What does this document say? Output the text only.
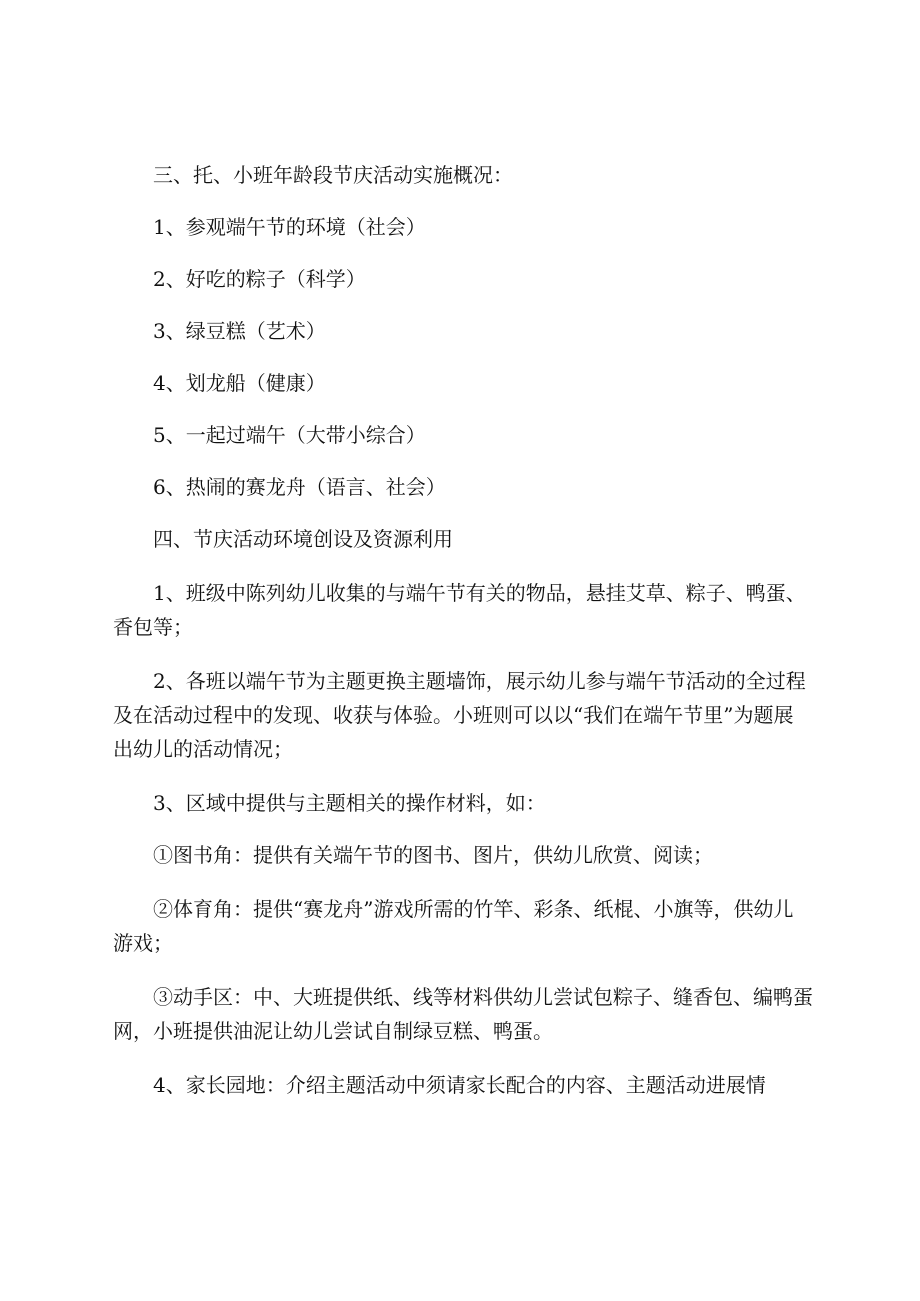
三、托、小班年龄段节庆活动实施概况：

1、参观端午节的环境（社会）

2、好吃的粽子（科学）

3、绿豆糕（艺术）

4、划龙船（健康）

5、一起过端午（大带小综合）

6、热闹的赛龙舟（语言、社会）

四、节庆活动环境创设及资源利用

1、班级中陈列幼儿收集的与端午节有关的物品，悬挂艾草、粽子、鸭蛋、香包等；

2、各班以端午节为主题更换主题墙饰，展示幼儿参与端午节活动的全过程及在活动过程中的发现、收获与体验。小班则可以以“我们在端午节里”为题展出幼儿的活动情况；

3、区域中提供与主题相关的操作材料，如：

①图书角：提供有关端午节的图书、图片，供幼儿欣赏、阅读；

②体育角：提供“赛龙舟”游戏所需的竹竿、彩条、纸棍、小旗等，供幼儿游戏；

③动手区：中、大班提供纸、线等材料供幼儿尝试包粽子、缝香包、编鸭蛋网，小班提供油泥让幼儿尝试自制绿豆糕、鸭蛋。

4、家长园地：介绍主题活动中须请家长配合的内容、主题活动进展情
